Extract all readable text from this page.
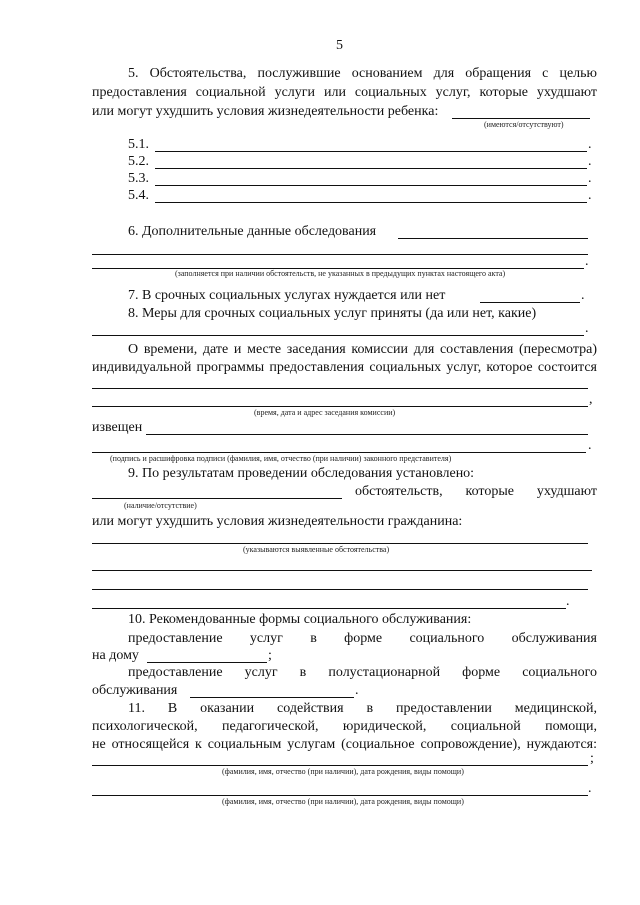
5
5. Обстоятельства, послужившие основанием для обращения с целью
предоставления социальной услуги или социальных услуг, которые ухудшают
или могут ухудшить условия жизнедеятельности ребенка:
(имеются/отсутствуют)
5.1.	.
5.2.	.
5.3.	.
5.4.	.
6. Дополнительные данные обследования
.
(заполняется при наличии обстоятельств, не указанных в предыдущих пунктах настоящего акта)
7. В срочных социальных услугах нуждается или нет	.
8. Меры для срочных социальных услуг приняты (да или нет, какие)
.
О времени, дате и месте заседания комиссии для составления (пересмотра)
индивидуальной программы предоставления социальных услуг, которое состоится
,
(время, дата и адрес заседания комиссии)
извещен
.
(подпись и расшифровка подписи (фамилия, имя, отчество (при наличии) законного представителя)
9. По результатам проведении обследования установлено:
обстоятельств, которые ухудшают
(наличие/отсутствие)
или могут ухудшить условия жизнедеятельности гражданина:
(указываются выявленные обстоятельства)
.
10. Рекомендованные формы социального обслуживания:
предоставление услуг в форме социального обслуживания
на дому	;
предоставление услуг в полустационарной форме социального
обслуживания	.
11. В оказании содействия в предоставлении медицинской,
психологической, педагогической, юридической, социальной помощи,
не относящейся к социальным услугам (социальное сопровождение), нуждаются:
;
(фамилия, имя, отчество (при наличии), дата рождения, виды помощи)
.
(фамилия, имя, отчество (при наличии), дата рождения, виды помощи)
